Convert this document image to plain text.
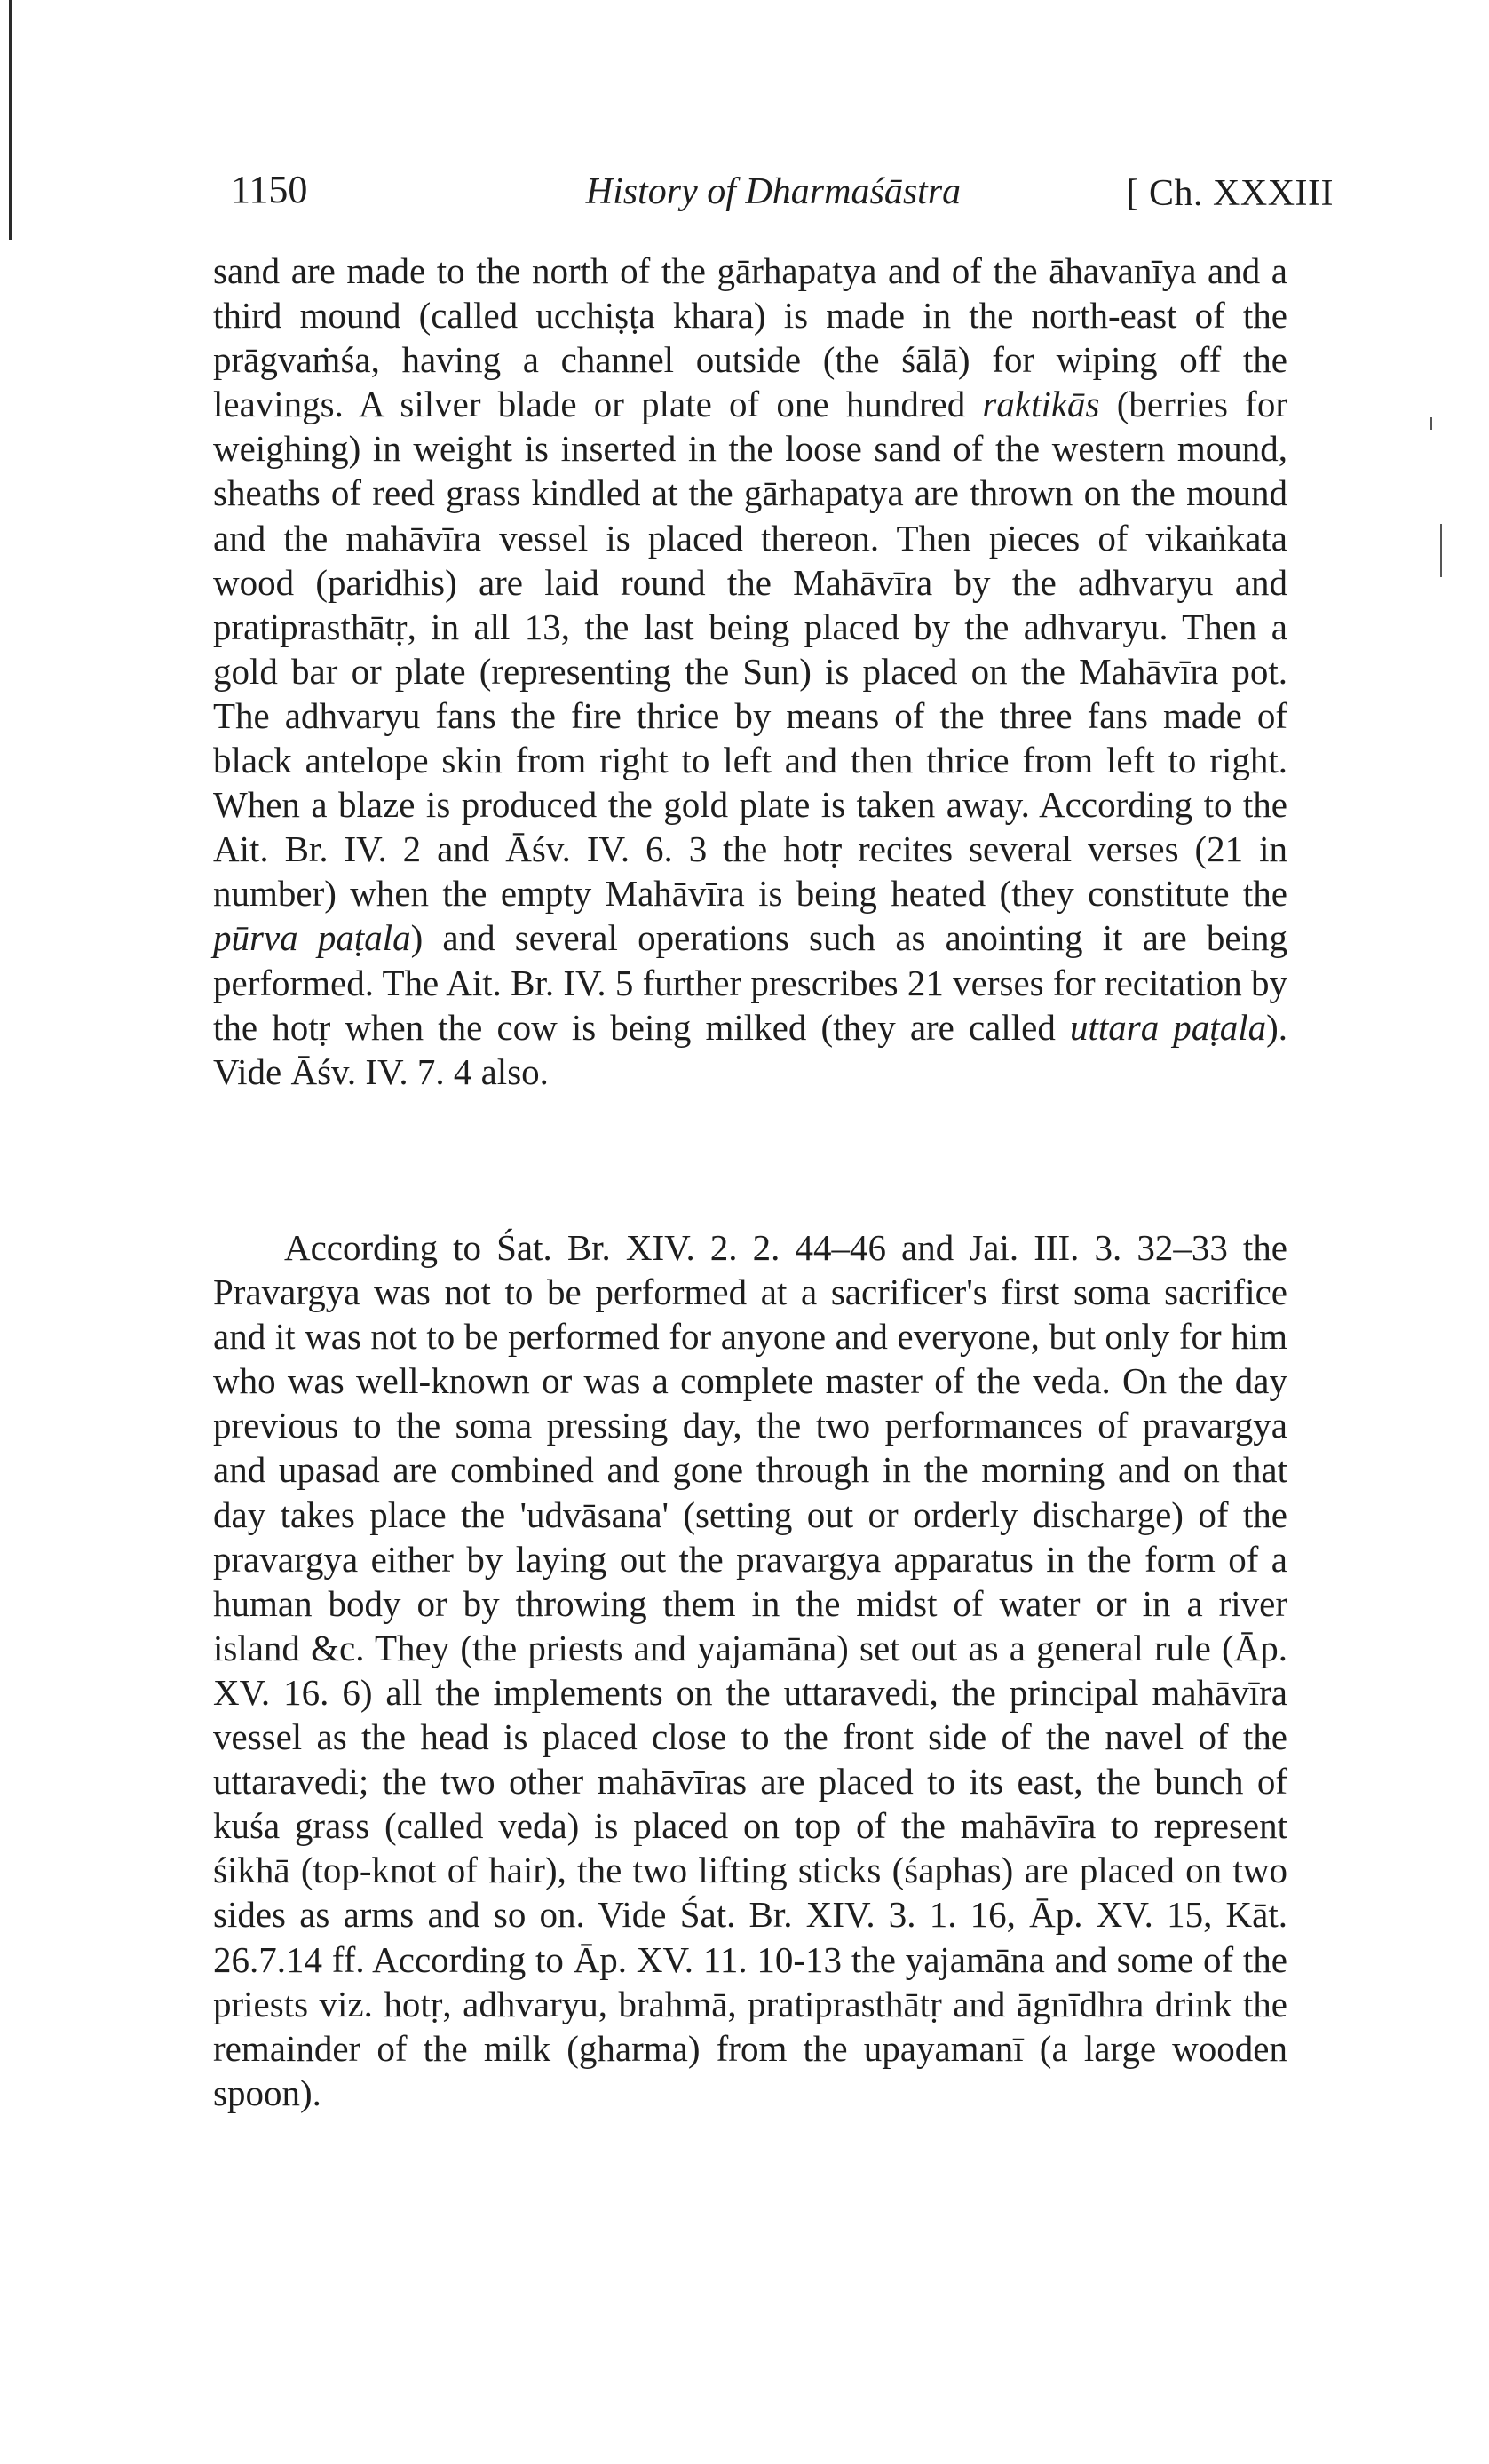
1150	History of Dharmaśāstra	[ Ch. XXXIII

sand are made to the north of the gārhapatya and of the āhavanīya and a third mound (called ucchiṣṭa khara) is made in the north-east of the prāgvaṁśa, having a channel outside (the śālā) for wiping off the leavings. A silver blade or plate of one hundred raktikās (berries for weighing) in weight is inserted in the loose sand of the western mound, sheaths of reed grass kindled at the gārhapatya are thrown on the mound and the mahāvīra vessel is placed thereon. Then pieces of vikaṅkata wood (paridhis) are laid round the Mahāvīra by the adhvaryu and pratiprasthātṛ, in all 13, the last being placed by the adhvaryu. Then a gold bar or plate (representing the Sun) is placed on the Mahāvīra pot. The adhvaryu fans the fire thrice by means of the three fans made of black antelope skin from right to left and then thrice from left to right. When a blaze is produced the gold plate is taken away. According to the Ait. Br. IV. 2 and Āśv. IV. 6. 3 the hotṛ recites several verses (21 in number) when the empty Mahāvīra is being heated (they constitute the pūrva paṭala) and several operations such as anointing it are being performed. The Ait. Br. IV. 5 further prescribes 21 verses for recitation by the hotṛ when the cow is being milked (they are called uttara paṭala). Vide Āśv. IV. 7. 4 also.

According to Śat. Br. XIV. 2. 2. 44–46 and Jai. III. 3. 32–33 the Pravargya was not to be performed at a sacrificer's first soma sacrifice and it was not to be performed for anyone and everyone, but only for him who was well-known or was a complete master of the veda. On the day previous to the soma pressing day, the two performances of pravargya and upasad are combined and gone through in the morning and on that day takes place the 'udvāsana' (setting out or orderly discharge) of the pravargya either by laying out the pravargya apparatus in the form of a human body or by throwing them in the midst of water or in a river island &c. They (the priests and yajamāna) set out as a general rule (Āp. XV. 16. 6) all the implements on the uttaravedi, the principal mahāvīra vessel as the head is placed close to the front side of the navel of the uttaravedi; the two other mahāvīras are placed to its east, the bunch of kuśa grass (called veda) is placed on top of the mahāvīra to represent śikhā (top-knot of hair), the two lifting sticks (śaphas) are placed on two sides as arms and so on. Vide Śat. Br. XIV. 3. 1. 16, Āp. XV. 15, Kāt. 26.7.14 ff. According to Āp. XV. 11. 10-13 the yajamāna and some of the priests viz. hotṛ, adhvaryu, brahmā, pratiprasthātṛ and āgnīdhra drink the remainder of the milk (gharma) from the upayamanī (a large wooden spoon).
